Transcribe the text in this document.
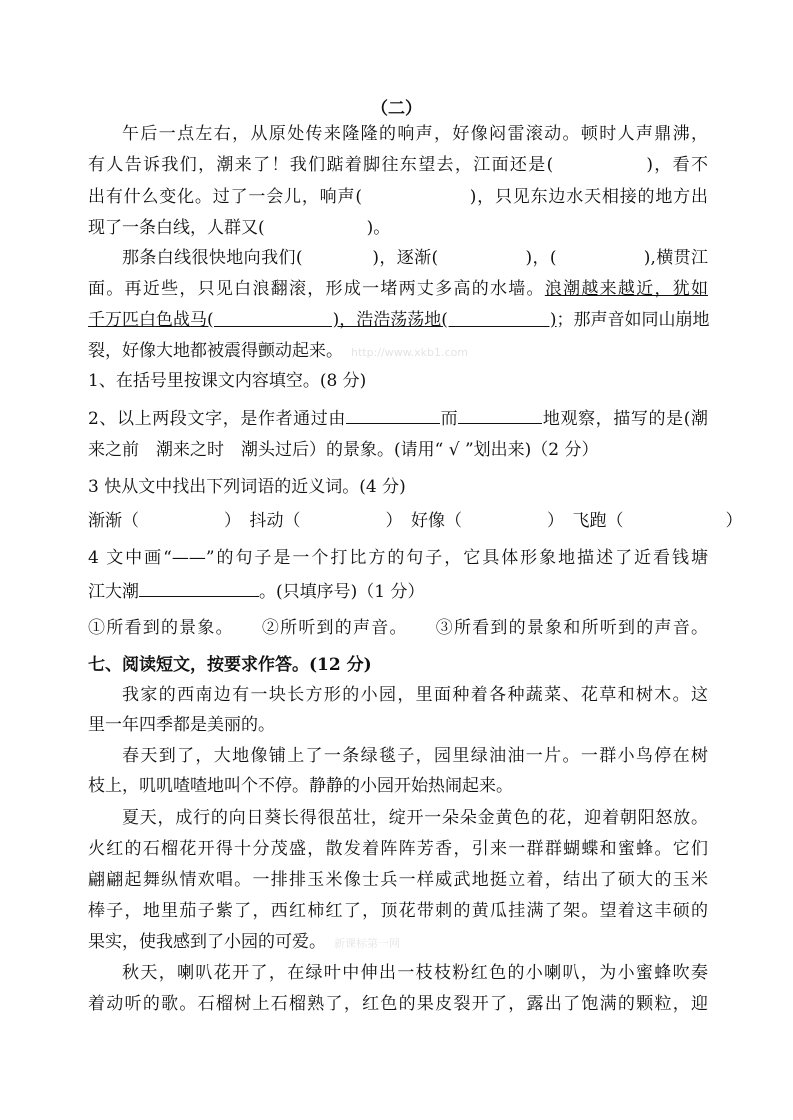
（二）
午后一点左右，从原处传来隆隆的响声，好像闷雷滚动。顿时人声鼎沸，
有人告诉我们，潮来了！我们踮着脚往东望去，江面还是(　　　　　)，看不
出有什么变化。过了一会儿，响声(　　　　　　)，只见东边水天相接的地方出
现了一条白线，人群又(　　　　　　)。
那条白线很快地向我们(　　　　)，逐渐(　　　　　)，(　　　　　),横贯江
面。再近些，只见白浪翻滚，形成一堵两丈多高的水墙。浪潮越来越近，犹如
千万匹白色战马(　　　　　　　)，浩浩荡荡地(　　　　　　)；那声音如同山崩地
裂，好像大地都被震得颤动起来。 http://www.xkb1.com
1、在括号里按课文内容填空。(8 分)
2、以上两段文字，是作者通过由	而	地观察，描写的是(潮
来之前　潮来之时　潮头过后）的景象。(请用“ √ ”划出来)（2 分）
3 快从文中找出下列词语的近义词。(4 分)
渐渐（　　　　　）　抖动（　　　　　）　好像（　　　　　）　飞跑（　　　　　　）
4 文中画“——”的句子是一个打比方的句子，它具体形象地描述了近看钱塘
江大潮	。(只填序号)（1 分）
①所看到的景象。　　②所听到的声音。　　③所看到的景象和所听到的声音。
七、阅读短文，按要求作答。(12 分)
我家的西南边有一块长方形的小园，里面种着各种蔬菜、花草和树木。这
里一年四季都是美丽的。
春天到了，大地像铺上了一条绿毯子，园里绿油油一片。一群小鸟停在树
枝上，叽叽喳喳地叫个不停。静静的小园开始热闹起来。
夏天，成行的向日葵长得很茁壮，绽开一朵朵金黄色的花，迎着朝阳怒放。
火红的石榴花开得十分茂盛，散发着阵阵芳香，引来一群群蝴蝶和蜜蜂。它们
翩翩起舞纵情欢唱。一排排玉米像士兵一样威武地挺立着，结出了硕大的玉米
棒子，地里茄子紫了，西红柿红了，顶花带刺的黄瓜挂满了架。望着这丰硕的
果实，使我感到了小园的可爱。 新课标第一网
秋天，喇叭花开了，在绿叶中伸出一枝枝粉红色的小喇叭，为小蜜蜂吹奏
着动听的歌。石榴树上石榴熟了，红色的果皮裂开了，露出了饱满的颗粒，迎
